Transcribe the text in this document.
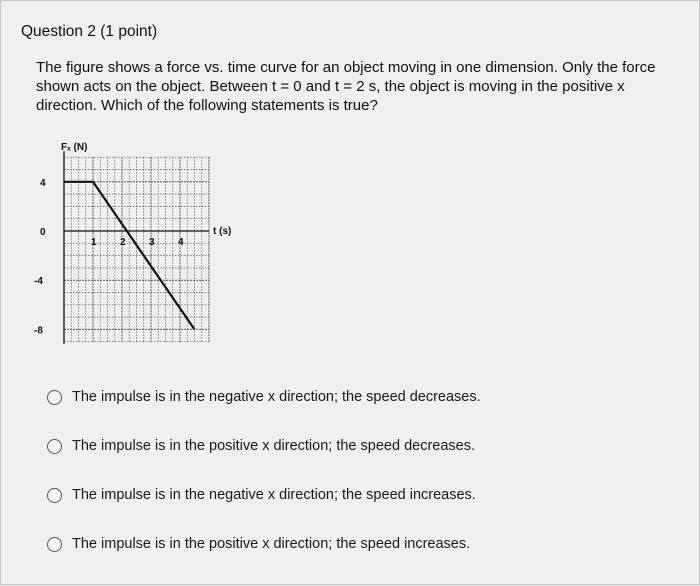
Question 2 (1 point)
The figure shows a force vs. time curve for an object moving in one dimension. Only the force shown acts on the object. Between t = 0 and t = 2 s, the object is moving in the positive x direction. Which of the following statements is true?
1 2 3 4
4
0
-4
-8
Fₓ (N)
t (s)
The impulse is in the negative x direction; the speed decreases.
The impulse is in the positive x direction; the speed decreases.
The impulse is in the negative x direction; the speed increases.
The impulse is in the positive x direction; the speed increases.
